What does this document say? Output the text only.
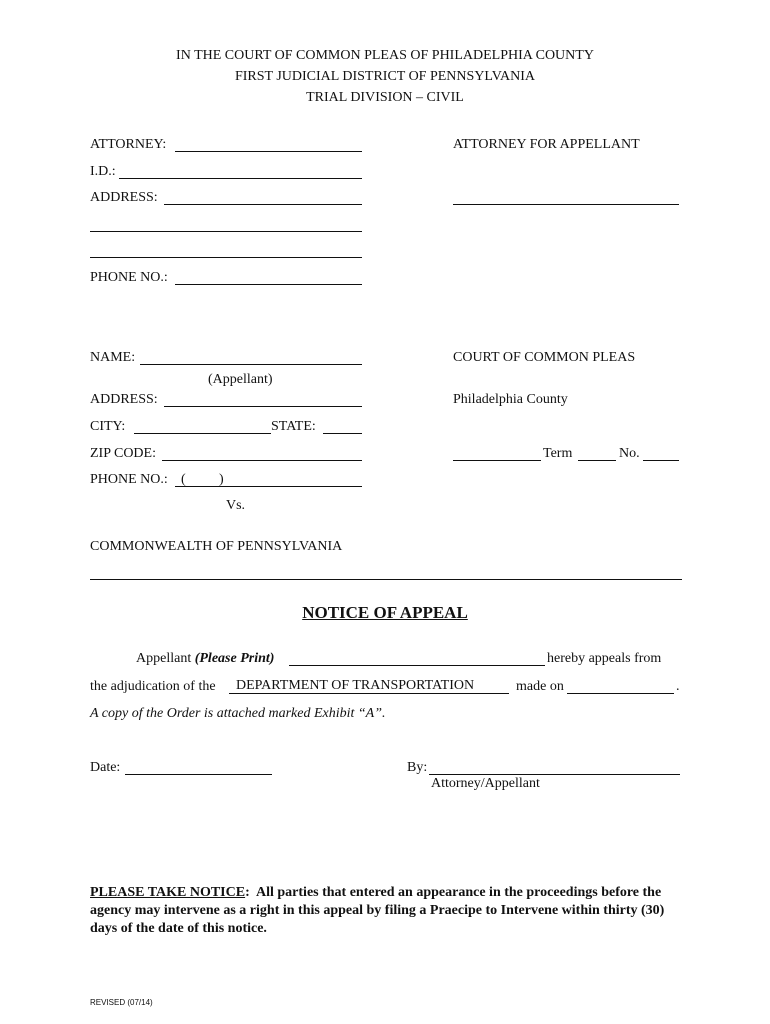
IN THE COURT OF COMMON PLEAS OF PHILADELPHIA COUNTY
FIRST JUDICIAL DISTRICT OF PENNSYLVANIA
TRIAL DIVISION – CIVIL
ATTORNEY:
I.D.:
ADDRESS:
PHONE NO.:
ATTORNEY FOR APPELLANT
NAME:
(Appellant)
ADDRESS:
CITY:	STATE:
ZIP CODE:
PHONE NO.: ( )
Vs.
COMMONWEALTH OF PENNSYLVANIA
COURT OF COMMON PLEAS
Philadelphia County
Term	No.
NOTICE OF APPEAL
Appellant (Please Print)	hereby appeals from
the adjudication of the DEPARTMENT OF TRANSPORTATION	made on	.
A copy of the Order is attached marked Exhibit “A”.
Date:	By:
Attorney/Appellant
PLEASE TAKE NOTICE: All parties that entered an appearance in the proceedings before the agency may intervene as a right in this appeal by filing a Praecipe to Intervene within thirty (30) days of the date of this notice.
REVISED (07/14)
